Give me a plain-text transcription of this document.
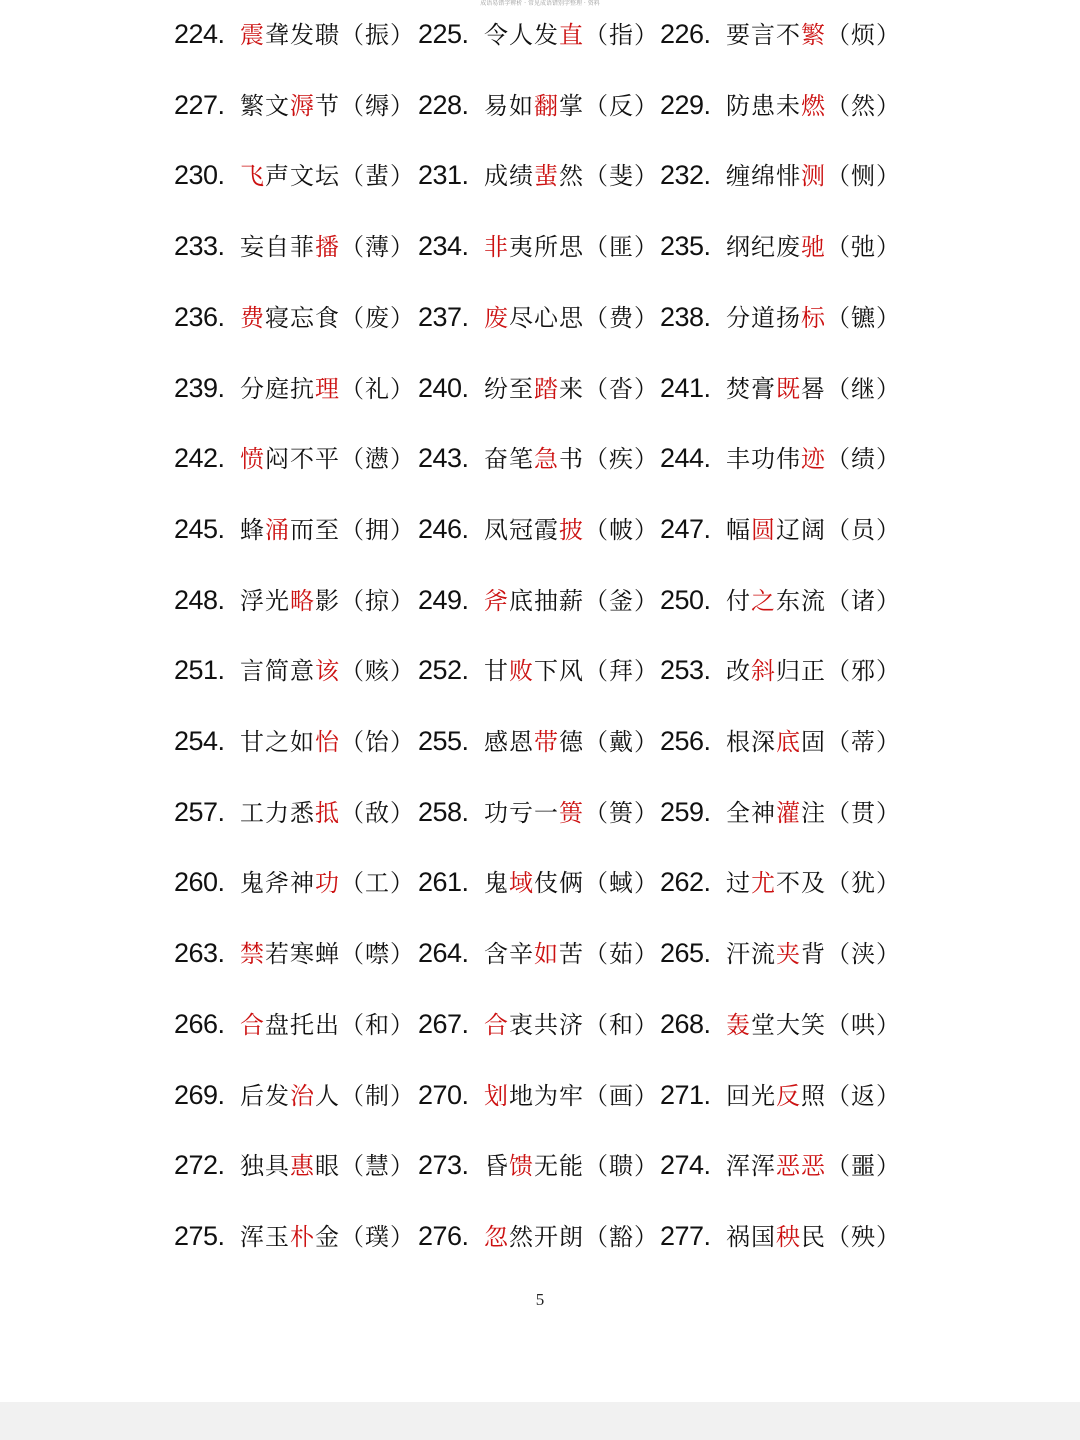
成语易错字辨析 · 常见成语错别字整理 · 资料
224. 震聋发聩（振） 225. 令人发直（指） 226. 要言不繁（烦）
227. 繁文溽节（缛） 228. 易如翻掌（反） 229. 防患未燃（然）
230. 飞声文坛（蜚） 231. 成绩蜚然（斐） 232. 缠绵悱测（恻）
233. 妄自菲播（薄） 234. 非夷所思（匪） 235. 纲纪废驰（弛）
236. 费寝忘食（废） 237. 废尽心思（费） 238. 分道扬标（镳）
239. 分庭抗理（礼） 240. 纷至踏来（沓） 241. 焚膏既晷（继）
242. 愤闷不平（懑） 243. 奋笔急书（疾） 244. 丰功伟迹（绩）
245. 蜂涌而至（拥） 246. 凤冠霞披（帔） 247. 幅圆辽阔（员）
248. 浮光略影（掠） 249. 斧底抽薪（釜） 250. 付之东流（诸）
251. 言简意该（赅） 252. 甘败下风（拜） 253. 改斜归正（邪）
254. 甘之如怡（饴） 255. 感恩带德（戴） 256. 根深底固（蒂）
257. 工力悉抵（敌） 258. 功亏一篑（篑） 259. 全神灌注（贯）
260. 鬼斧神功（工） 261. 鬼域伎俩（蜮） 262. 过尤不及（犹）
263. 禁若寒蝉（噤） 264. 含辛如苦（茹） 265. 汗流夹背（浃）
266. 合盘托出（和） 267. 合衷共济（和） 268. 轰堂大笑（哄）
269. 后发治人（制） 270. 划地为牢（画） 271. 回光反照（返）
272. 独具惠眼（慧） 273. 昏馈无能（聩） 274. 浑浑恶恶（噩）
275. 浑玉朴金（璞） 276. 忽然开朗（豁） 277. 祸国秧民（殃）
5
